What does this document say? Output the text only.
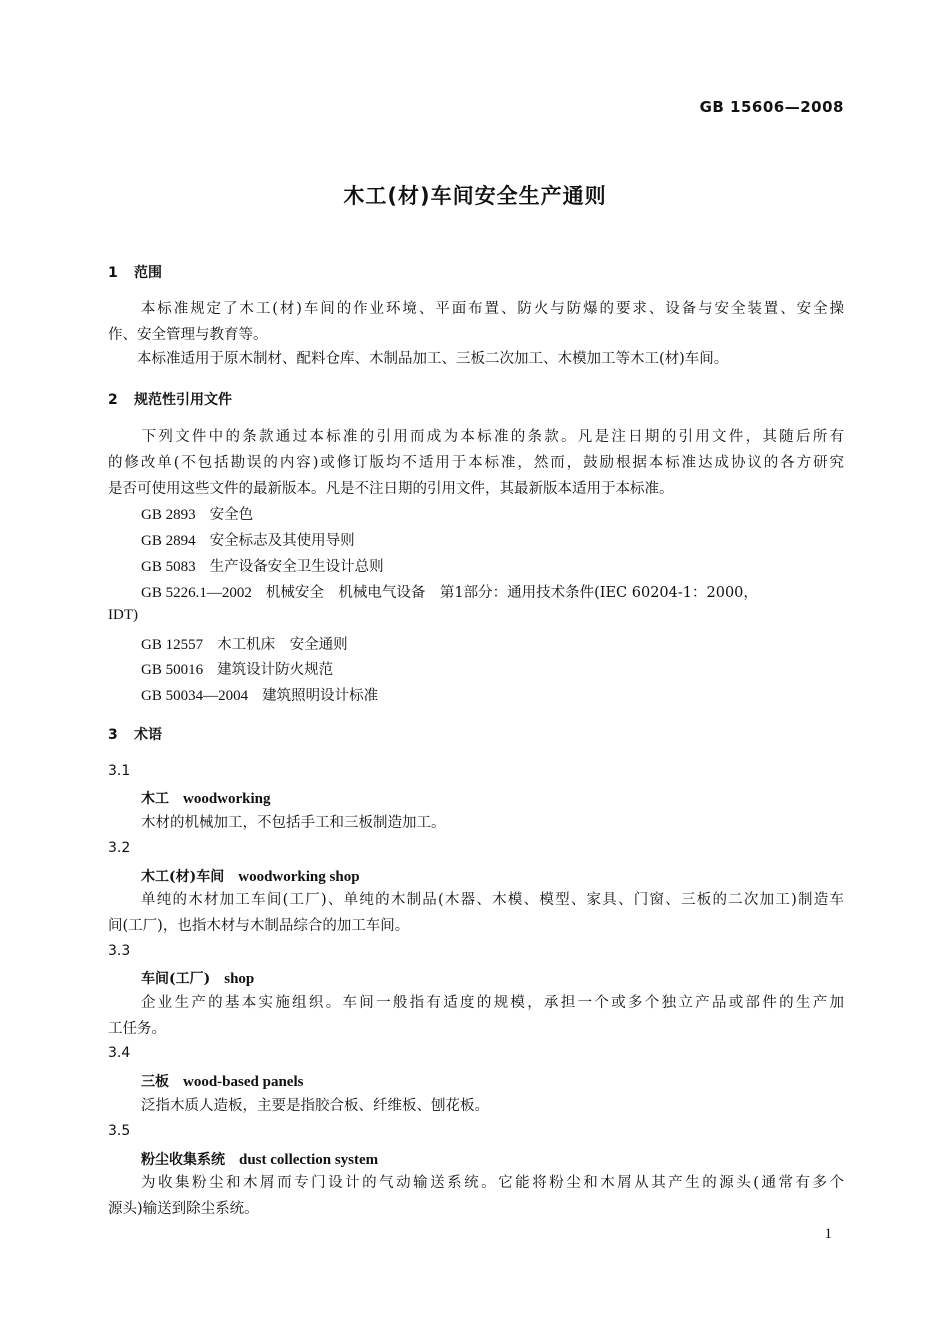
GB 15606—2008
木工(材)车间安全生产通则
1 范围
　　本标准规定了木工(材)车间的作业环境、平面布置、防火与防爆的要求、设备与安全装置、安全操
作、安全管理与教育等。
　　本标准适用于原木制材、配料仓库、木制品加工、三板二次加工、木模加工等木工(材)车间。
2 规范性引用文件
　　下列文件中的条款通过本标准的引用而成为本标准的条款。凡是注日期的引用文件，其随后所有
的修改单(不包括勘误的内容)或修订版均不适用于本标准，然而，鼓励根据本标准达成协议的各方研究
是否可使用这些文件的最新版本。凡是不注日期的引用文件，其最新版本适用于本标准。
GB 2893 安全色
GB 2894 安全标志及其使用导则
GB 5083 生产设备安全卫生设计总则
GB 5226.1—2002 机械安全　机械电气设备　第1部分：通用技术条件(IEC 60204-1：2000，
IDT)
GB 12557 木工机床　安全通则
GB 50016 建筑设计防火规范
GB 50034—2004 建筑照明设计标准
3 术语
3.1
木工 woodworking
木材的机械加工，不包括手工和三板制造加工。
3.2
木工(材)车间 woodworking shop
单纯的木材加工车间(工厂)、单纯的木制品(木器、木模、模型、家具、门窗、三板的二次加工)制造车
间(工厂)，也指木材与木制品综合的加工车间。
3.3
车间(工厂) shop
企业生产的基本实施组织。车间一般指有适度的规模，承担一个或多个独立产品或部件的生产加
工任务。
3.4
三板 wood-based panels
泛指木质人造板，主要是指胶合板、纤维板、刨花板。
3.5
粉尘收集系统 dust collection system
为收集粉尘和木屑而专门设计的气动输送系统。它能将粉尘和木屑从其产生的源头(通常有多个
源头)输送到除尘系统。
1
